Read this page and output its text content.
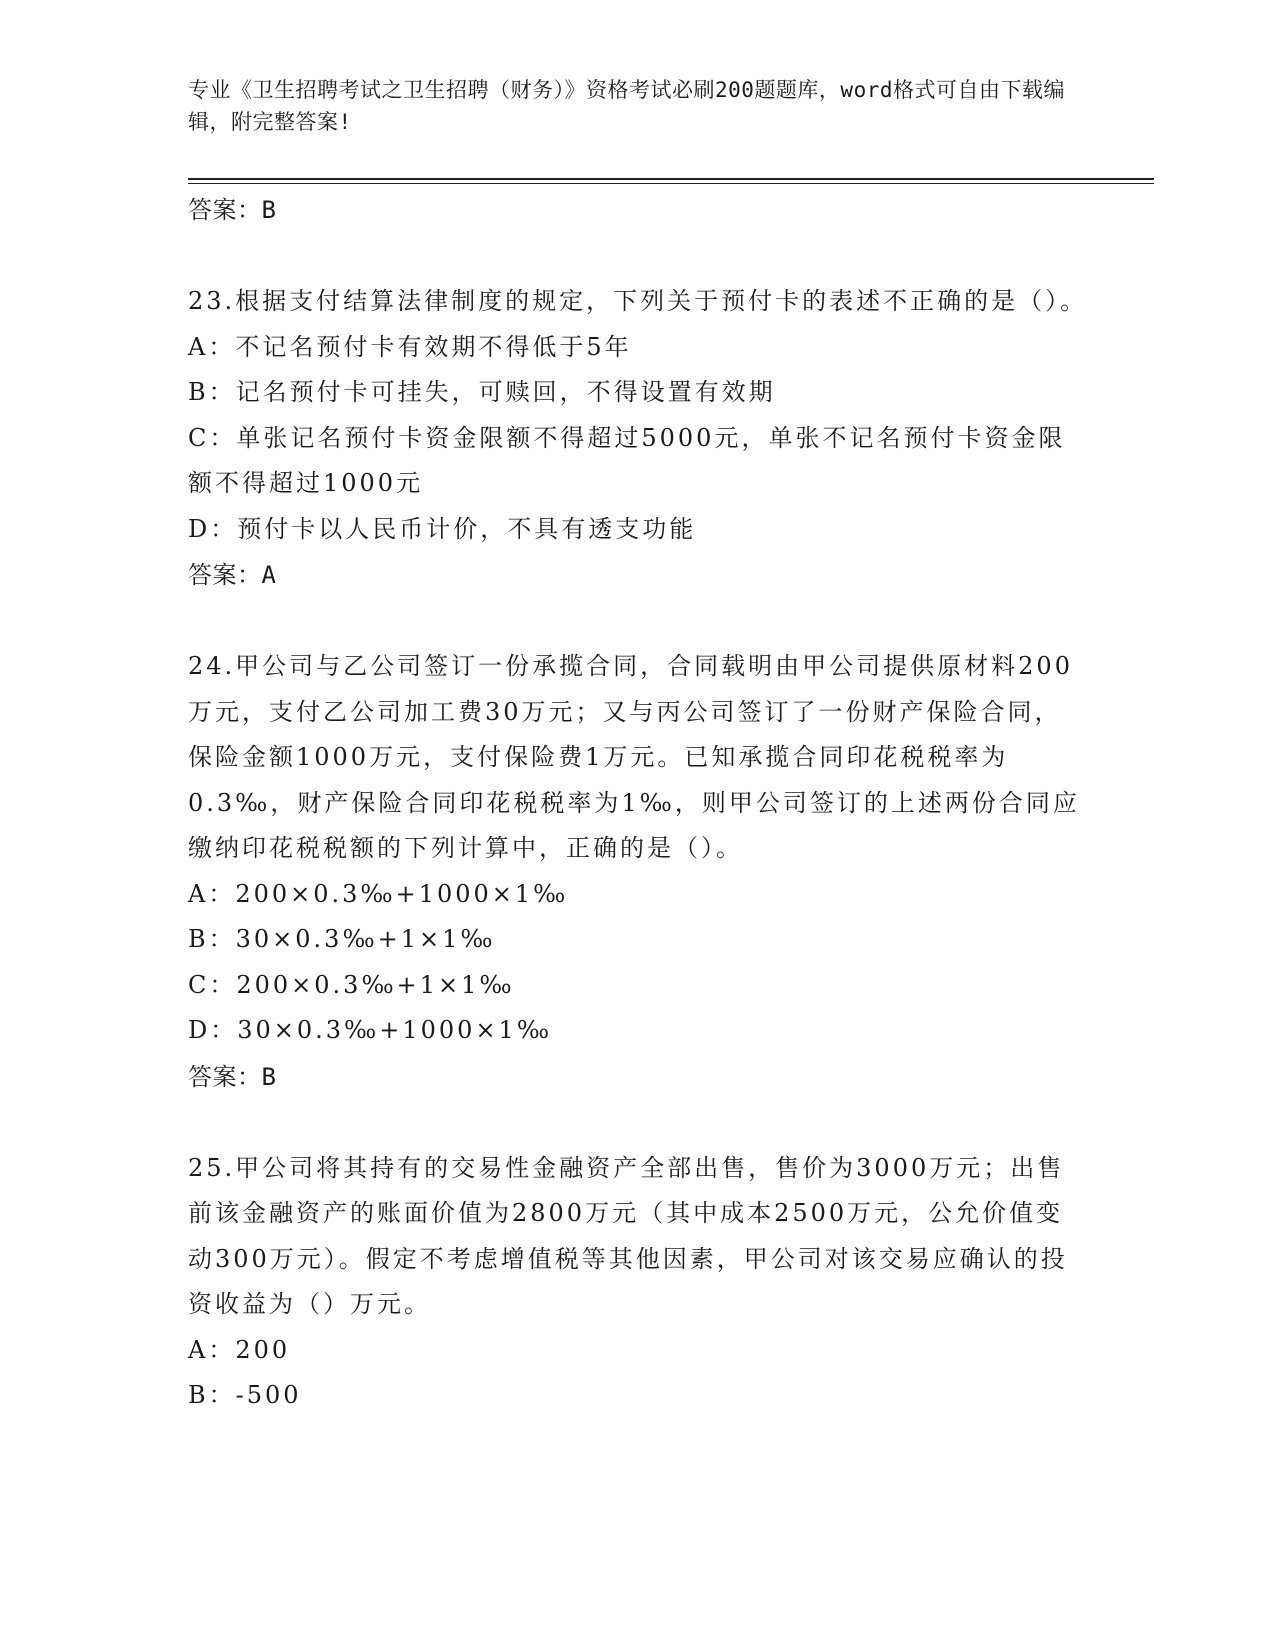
专业《卫生招聘考试之卫生招聘（财务）》资格考试必刷200题题库，word格式可自由下载编辑，附完整答案!
答案：B

23.根据支付结算法律制度的规定，下列关于预付卡的表述不正确的是（）。

A：不记名预付卡有效期不得低于5年

B：记名预付卡可挂失，可赎回，不得设置有效期

C：单张记名预付卡资金限额不得超过5000元，单张不记名预付卡资金限额不得超过1000元

D：预付卡以人民币计价，不具有透支功能

答案：A

24.甲公司与乙公司签订一份承揽合同，合同载明由甲公司提供原材料200万元，支付乙公司加工费30万元；又与丙公司签订了一份财产保险合同，保险金额1000万元，支付保险费1万元。已知承揽合同印花税税率为0.3‰，财产保险合同印花税税率为1‰，则甲公司签订的上述两份合同应缴纳印花税税额的下列计算中，正确的是（）。

A：200×0.3‰+1000×1‰

B：30×0.3‰+1×1‰

C：200×0.3‰+1×1‰

D：30×0.3‰+1000×1‰

答案：B

25.甲公司将其持有的交易性金融资产全部出售，售价为3000万元；出售前该金融资产的账面价值为2800万元（其中成本2500万元，公允价值变动300万元）。假定不考虑增值税等其他因素，甲公司对该交易应确认的投资收益为（）万元。

A：200

B：-500
